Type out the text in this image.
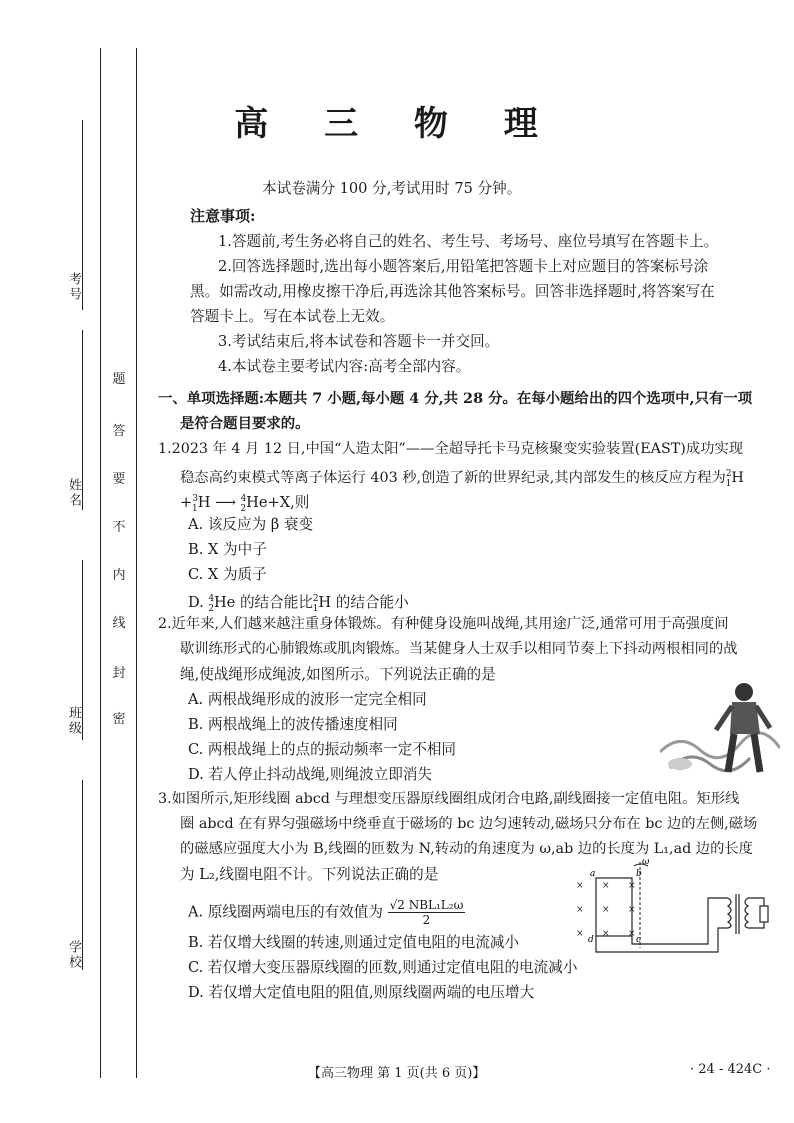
考号
姓名
班级
学校
题
答
要
不
内
线
封
密
高 三 物 理
本试卷满分 100 分,考试用时 75 分钟。
注意事项:
1.答题前,考生务必将自己的姓名、考生号、考场号、座位号填写在答题卡上。
2.回答选择题时,选出每小题答案后,用铅笔把答题卡上对应题目的答案标号涂
黑。如需改动,用橡皮擦干净后,再选涂其他答案标号。回答非选择题时,将答案写在
答题卡上。写在本试卷上无效。
3.考试结束后,将本试卷和答题卡一并交回。
4.本试卷主要考试内容:高考全部内容。
一、单项选择题:本题共 7 小题,每小题 4 分,共 28 分。在每小题给出的四个选项中,只有一项
是符合题目要求的。
1.2023 年 4 月 12 日,中国“人造太阳”——全超导托卡马克核聚变实验装置(EAST)成功实现
稳态高约束模式等离子体运行 403 秒,创造了新的世界纪录,其内部发生的核反应方程为$^2_1$H
+$^3_1$H ⟶ $^4_2$He+X,则
A. 该反应为 β 衰变
B. X 为中子
C. X 为质子
D. $^4_2$He 的结合能比$^2_1$H 的结合能小
2.近年来,人们越来越注重身体锻炼。有种健身设施叫战绳,其用途广泛,通常可用于高强度间
歇训练形式的心肺锻炼或肌肉锻炼。当某健身人士双手以相同节奏上下抖动两根相同的战
绳,使战绳形成绳波,如图所示。下列说法正确的是
A. 两根战绳形成的波形一定完全相同
B. 两根战绳上的波传播速度相同
C. 两根战绳上的点的振动频率一定不相同
D. 若人停止抖动战绳,则绳波立即消失
3.如图所示,矩形线圈 abcd 与理想变压器原线圈组成闭合电路,副线圈接一定值电阻。矩形线
圈 abcd 在有界匀强磁场中绕垂直于磁场的 bc 边匀速转动,磁场只分布在 bc 边的左侧,磁场
的磁感应强度大小为 B,线圈的匝数为 N,转动的角速度为 ω,ab 边的长度为 L₁,ad 边的长度
为 L₂,线圈电阻不计。下列说法正确的是
A. 原线圈两端电压的有效值为 $\frac{\text{√2 NBL₁L₂ω}}{2}$
B. 若仅增大线圈的转速,则通过定值电阻的电流减小
C. 若仅增大变压器原线圈的匝数,则通过定值电阻的电流减小
D. 若仅增大定值电阻的阻值,则原线圈两端的电压增大
×
×
×
×
×
×
×
×
×
a	b
c
d
ω
【高三物理 第 1 页(共 6 页)】	· 24 - 424C ·
